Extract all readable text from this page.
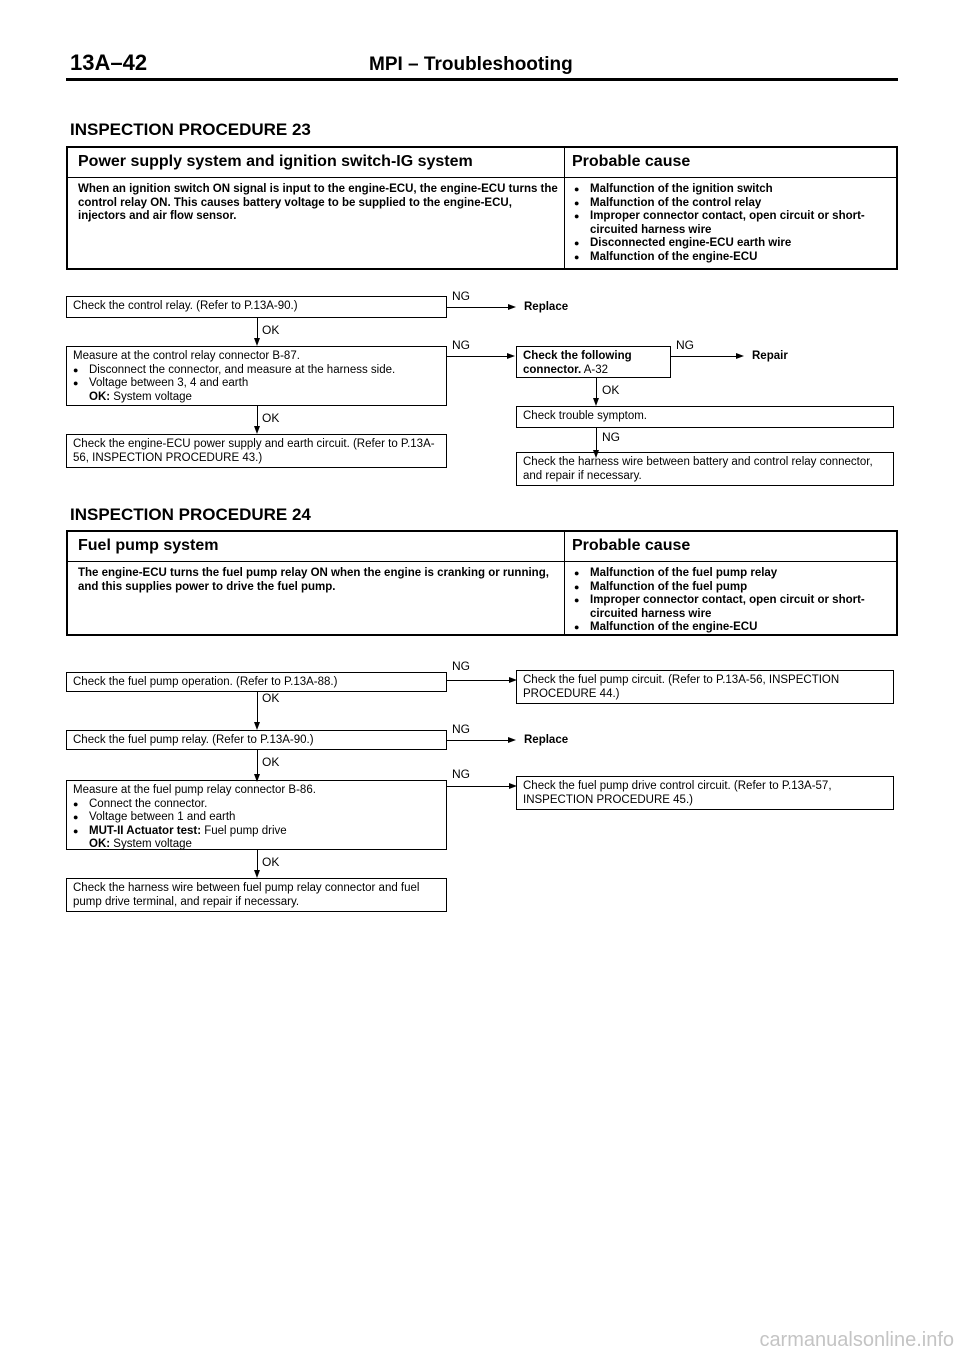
13A–42	MPI – Troubleshooting
INSPECTION PROCEDURE 23
Power supply system and ignition switch-IG system	Probable cause
When an ignition switch ON signal is input to the engine-ECU, the engine-ECU turns the control relay ON. This causes battery voltage to be supplied to the engine-ECU, injectors and air flow sensor.
● Malfunction of the ignition switch
● Malfunction of the control relay
● Improper connector contact, open circuit or short-circuited harness wire
● Disconnected engine-ECU earth wire
● Malfunction of the engine-ECU
Check the control relay. (Refer to P.13A-90.)
NG
Replace
OK
Measure at the control relay connector B-87.
● Disconnect the connector, and measure at the harness side.
● Voltage between 3, 4 and earth
OK: System voltage
NG
Check the following connector. A-32
NG
Repair
OK
Check trouble symptom.
OK
Check the engine-ECU power supply and earth circuit. (Refer to P.13A-56, INSPECTION PROCEDURE 43.)
NG
Check the harness wire between battery and control relay connector, and repair if necessary.
INSPECTION PROCEDURE 24
Fuel pump system	Probable cause
The engine-ECU turns the fuel pump relay ON when the engine is cranking or running, and this supplies power to drive the fuel pump.
● Malfunction of the fuel pump relay
● Malfunction of the fuel pump
● Improper connector contact, open circuit or short-circuited harness wire
● Malfunction of the engine-ECU
Check the fuel pump operation. (Refer to P.13A-88.)
NG
Check the fuel pump circuit. (Refer to P.13A-56, INSPECTION PROCEDURE 44.)
OK
Check the fuel pump relay. (Refer to P.13A-90.)
NG
Replace
OK
Measure at the fuel pump relay connector B-86.
● Connect the connector.
● Voltage between 1 and earth
● MUT-II Actuator test: Fuel pump drive
OK: System voltage
NG
Check the fuel pump drive control circuit. (Refer to P.13A-57, INSPECTION PROCEDURE 45.)
OK
Check the harness wire between fuel pump relay connector and fuel pump drive terminal, and repair if necessary.
carmanualsonline.info
